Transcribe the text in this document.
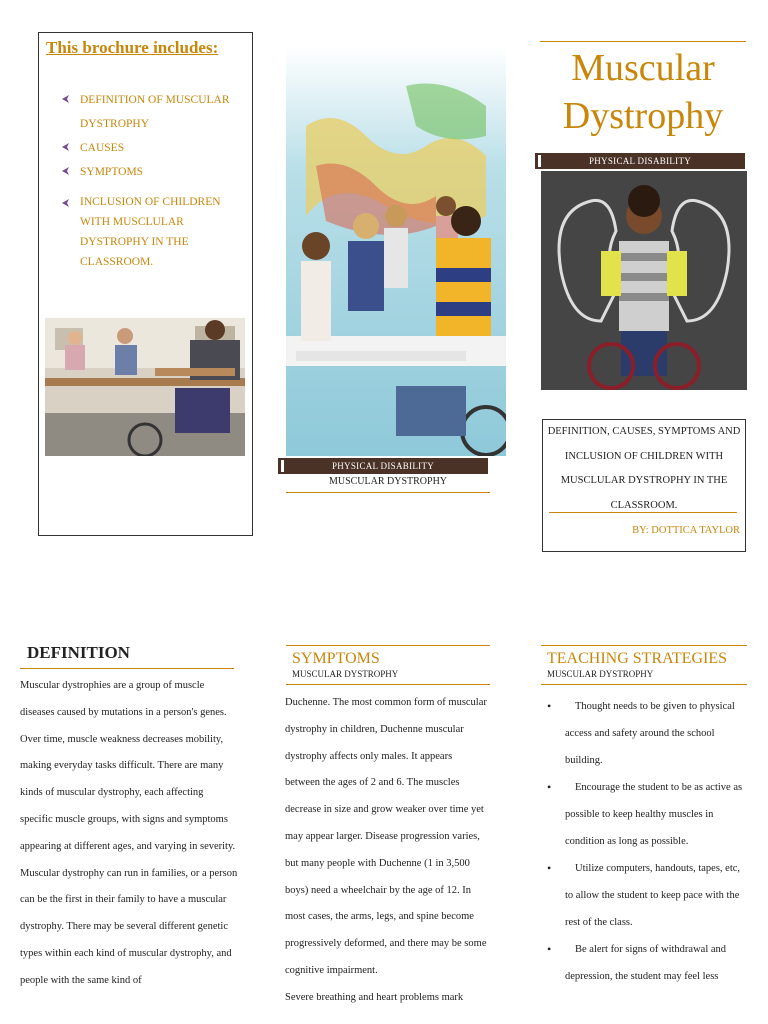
This brochure includes:
DEFINITION OF MUSCULAR DYSTROPHY
CAUSES
SYMPTOMS
INCLUSION OF CHILDREN WITH MUSCLULAR DYSTROPHY IN THE CLASSROOM.
PHYSICAL DISABILITY
MUSCULAR DYSTROPHY
Muscular Dystrophy
PHYSICAL DISABILITY
DEFINITION, CAUSES, SYMPTOMS AND INCLUSION OF CHILDREN WITH MUSCLULAR DYSTROPHY IN THE CLASSROOM.
BY: DOTTICA TAYLOR
DEFINITION
Muscular dystrophies are a group of muscle diseases caused by mutations in a person's genes. Over time, muscle weakness decreases mobility, making everyday tasks difficult. There are many kinds of muscular dystrophy, each affecting specific muscle groups, with signs and symptoms appearing at different ages, and varying in severity. Muscular dystrophy can run in families, or a person can be the first in their family to have a muscular dystrophy. There may be several different genetic types within each kind of muscular dystrophy, and people with the same kind of
SYMPTOMS
MUSCULAR DYSTROPHY
Duchenne. The most common form of muscular dystrophy in children, Duchenne muscular dystrophy affects only males. It appears between the ages of 2 and 6. The muscles decrease in size and grow weaker over time yet may appear larger. Disease progression varies, but many people with Duchenne (1 in 3,500 boys) need a wheelchair by the age of 12. In most cases, the arms, legs, and spine become progressively deformed, and there may be some cognitive impairment.
Severe breathing and heart problems mark
TEACHING STRATEGIES
MUSCULAR DYSTROPHY
• Thought needs to be given to physical access and safety around the school building.
• Encourage the student to be as active as possible to keep healthy muscles in condition as long as possible.
• Utilize computers, handouts, tapes, etc, to allow the student to keep pace with the rest of the class.
• Be alert for signs of withdrawal and depression, the student may feel less
